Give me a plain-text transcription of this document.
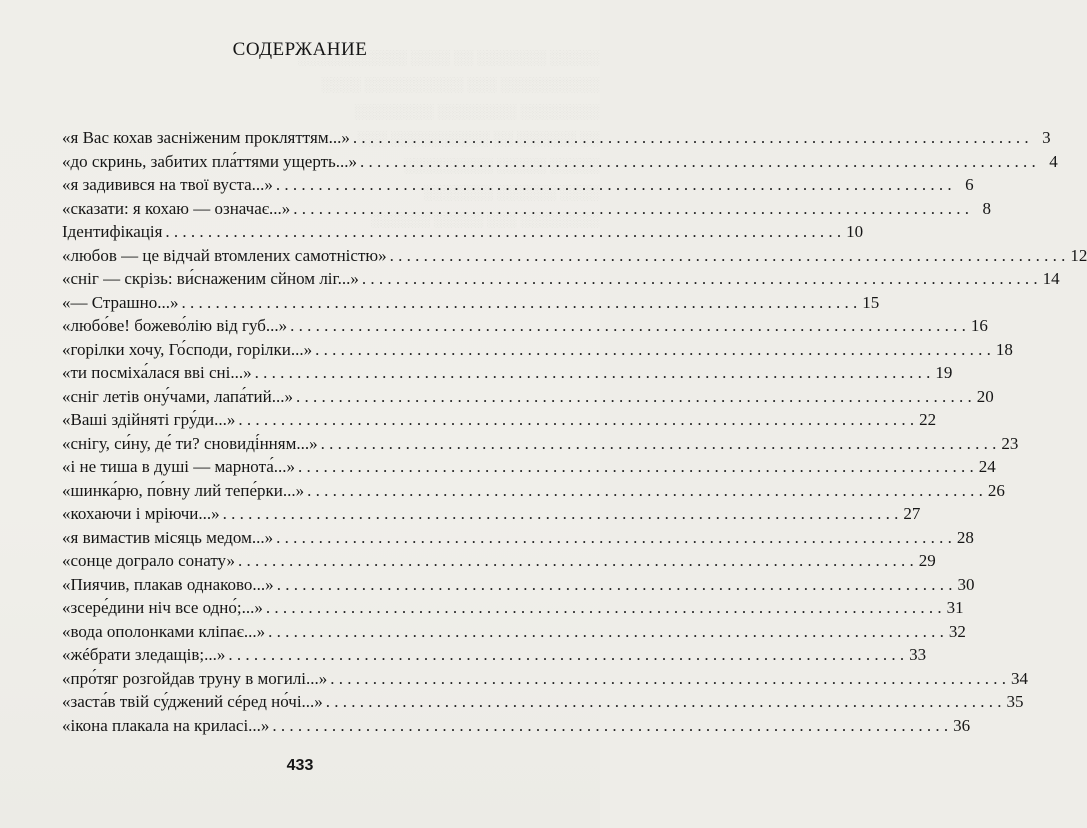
░░░░░ ░░░░░░░ ░░ ░░░░ ░░░░░░░░░░░
░░░░░░░░░░ ░░░ ░░░░░░░░░░ ░░░░
░░░░░░░░ ░░░░░░░░ ░░░░░░░░
░░ ░░░░░░ ░░ ░░░░░░░░░░ ░░░
░░░░░ ░░░░░ ░░░░░░░░░
░░░░ ░░░░░░ ░░░░░░░
░░░░░░░░ ░░░ ░░░░░ ░░░░░░
СОДЕРЖАНИЕ
«я Вас кохав засніженим прокляттям...» . . .	3
«до скринь, забитих пла́ттями ущерть...» . . .	4
«я задивився на твої вуста...» . . .	6
«сказати: я кохаю — означає...» . . .	8
Ідентифікація . . .	10
«любов — це відчай втомлених самотністю» . . .	12
«сніг — скрізь: ви́снаженим сйном ліг...» . . .	14
«— Страшно...» . . .	15
«любо́ве! божево́лію від губ...» . . .	16
«горілки хочу, Го́споди, горілки...» . . .	18
«ти посміха́лася вві сні...» . . .	19
«сніг летів ону́чами, лапа́тий...» . . .	20
«Ваші здійняті гру́ди...» . . .	22
«снігу, си́ну, де́ ти? сновиді́нням...» . . .	23
«і не тиша в душі — марнота́...» . . .	24
«шинка́рю, по́вну лий тепе́рки...» . . .	26
«кохаючи і мріючи...» . . .	27
«я вимастив місяць медом...» . . .	28
«сонце дограло сонату» . . .	29
«Пиячив, плакав однаково...» . . .	30
«зсере́дини ніч все одно́;...» . . .	31
«вода ополонками кліпає...» . . .	32
«жéбрати зледащів;...» . . .	33
«про́тяг розгойдав труну в могилі...» . . .	34
«заста́в твій су́джений сéред но́чі...» . . .	35
«ікона плакала на криласі...» . . .	36
433
